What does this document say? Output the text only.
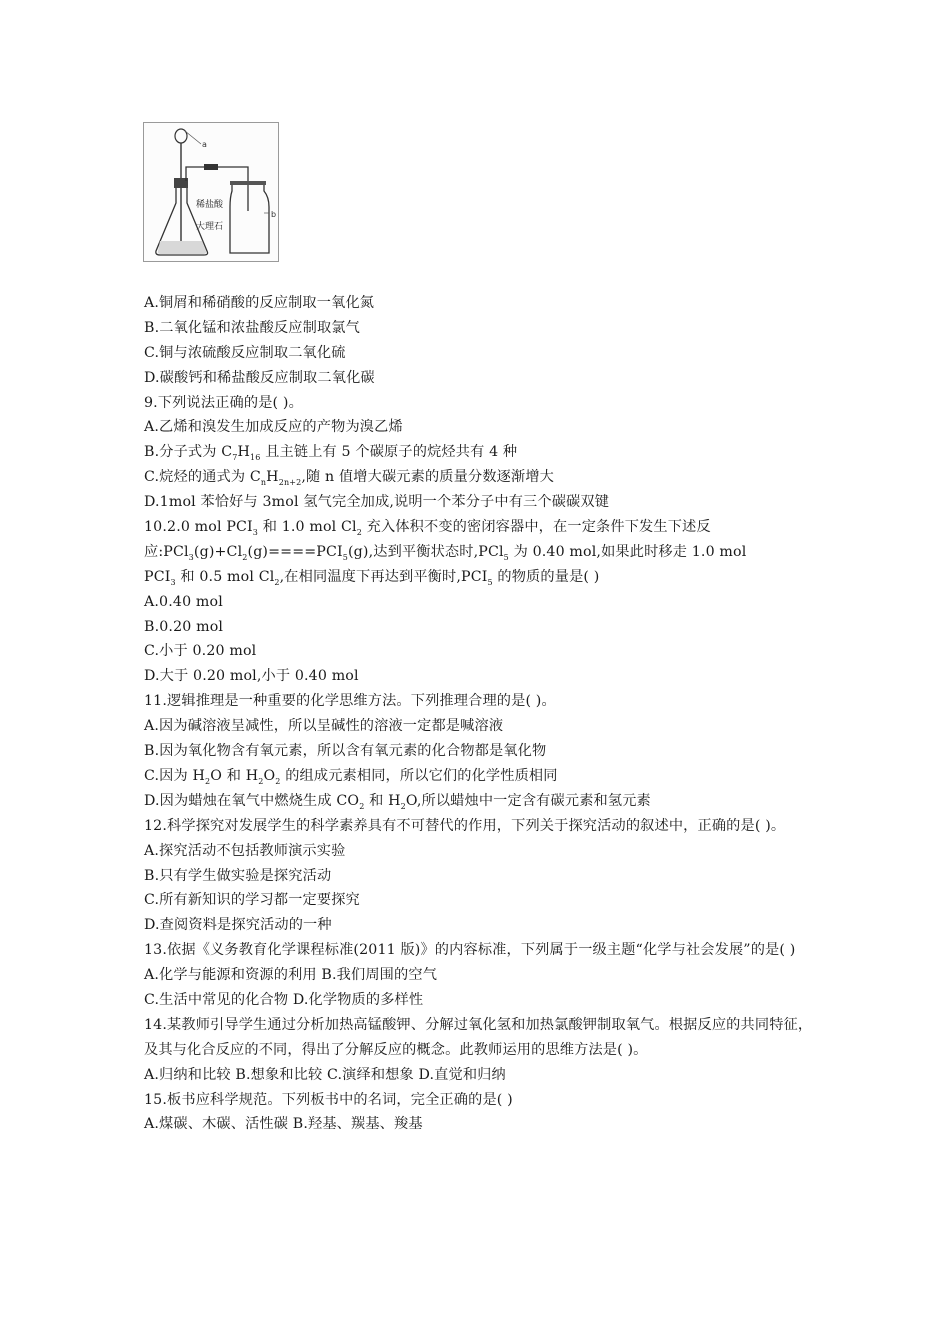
a
b
稀盐酸
大理石
A.铜屑和稀硝酸的反应制取一氧化氮
B.二氧化锰和浓盐酸反应制取氯气
C.铜与浓硫酸反应制取二氧化硫
D.碳酸钙和稀盐酸反应制取二氧化碳
9.下列说法正确的是( )。
A.乙烯和溴发生加成反应的产物为溴乙烯
B.分子式为 $C_7H_{16}$ 且主链上有 5 个碳原子的烷烃共有 4 种
C.烷烃的通式为 $C_nH_{2n+2}$,随 n 值增大碳元素的质量分数逐渐增大
D.1mol 苯恰好与 3mol 氢气完全加成,说明一个苯分子中有三个碳碳双键
10.2.0 mol $PCI_3$ 和 1.0 mol $Cl_2$ 充入体积不变的密闭容器中，在一定条件下发生下述反
应$:PCl_3(g)+Cl_2(g)====PCI_5(g)$,达到平衡状态时,PCl$_5$ 为 0.40 mol,如果此时移走 1.0 mol
$PCI_3$ 和 0.5 mol $Cl_2$,在相同温度下再达到平衡时$,PCI_5$ 的物质的量是( )
A.0.40 mol
B.0.20 mol
C.小于 0.20 mol
D.大于 0.20 mol,小于 0.40 mol
11.逻辑推理是一种重要的化学思维方法。下列推理合理的是( )。
A.因为碱溶液呈减性，所以呈碱性的溶液一定都是喊溶液
B.因为氧化物含有氧元素，所以含有氧元素的化合物都是氧化物
C.因为 $H_2O$ 和 $H_2O_2$ 的组成元素相同，所以它们的化学性质相同
D.因为蜡烛在氧气中燃烧生成 $CO_2$ 和 $H_2O$,所以蜡烛中一定含有碳元素和氢元素
12.科学探究对发展学生的科学素养具有不可替代的作用，下列关于探究活动的叙述中，正确的是( )。
A.探究活动不包括教师演示实验
B.只有学生做实验是探究活动
C.所有新知识的学习都一定要探究
D.查阅资料是探究活动的一种
13.依据《义务教育化学课程标准(2011 版)》的内容标准，下列属于一级主题“化学与社会发展”的是( )
A.化学与能源和资源的利用 B.我们周围的空气
C.生活中常见的化合物 D.化学物质的多样性
14.某教师引导学生通过分析加热高锰酸钾、分解过氧化氢和加热氯酸钾制取氧气。根据反应的共同特征，及其与化合反应的不同，得出了分解反应的概念。此教师运用的思维方法是( )。
A.归纳和比较 B.想象和比较 C.演绎和想象 D.直觉和归纳
15.板书应科学规范。下列板书中的名词，完全正确的是( )
A.煤碳、木碳、活性碳 B.羟基、羰基、羧基
